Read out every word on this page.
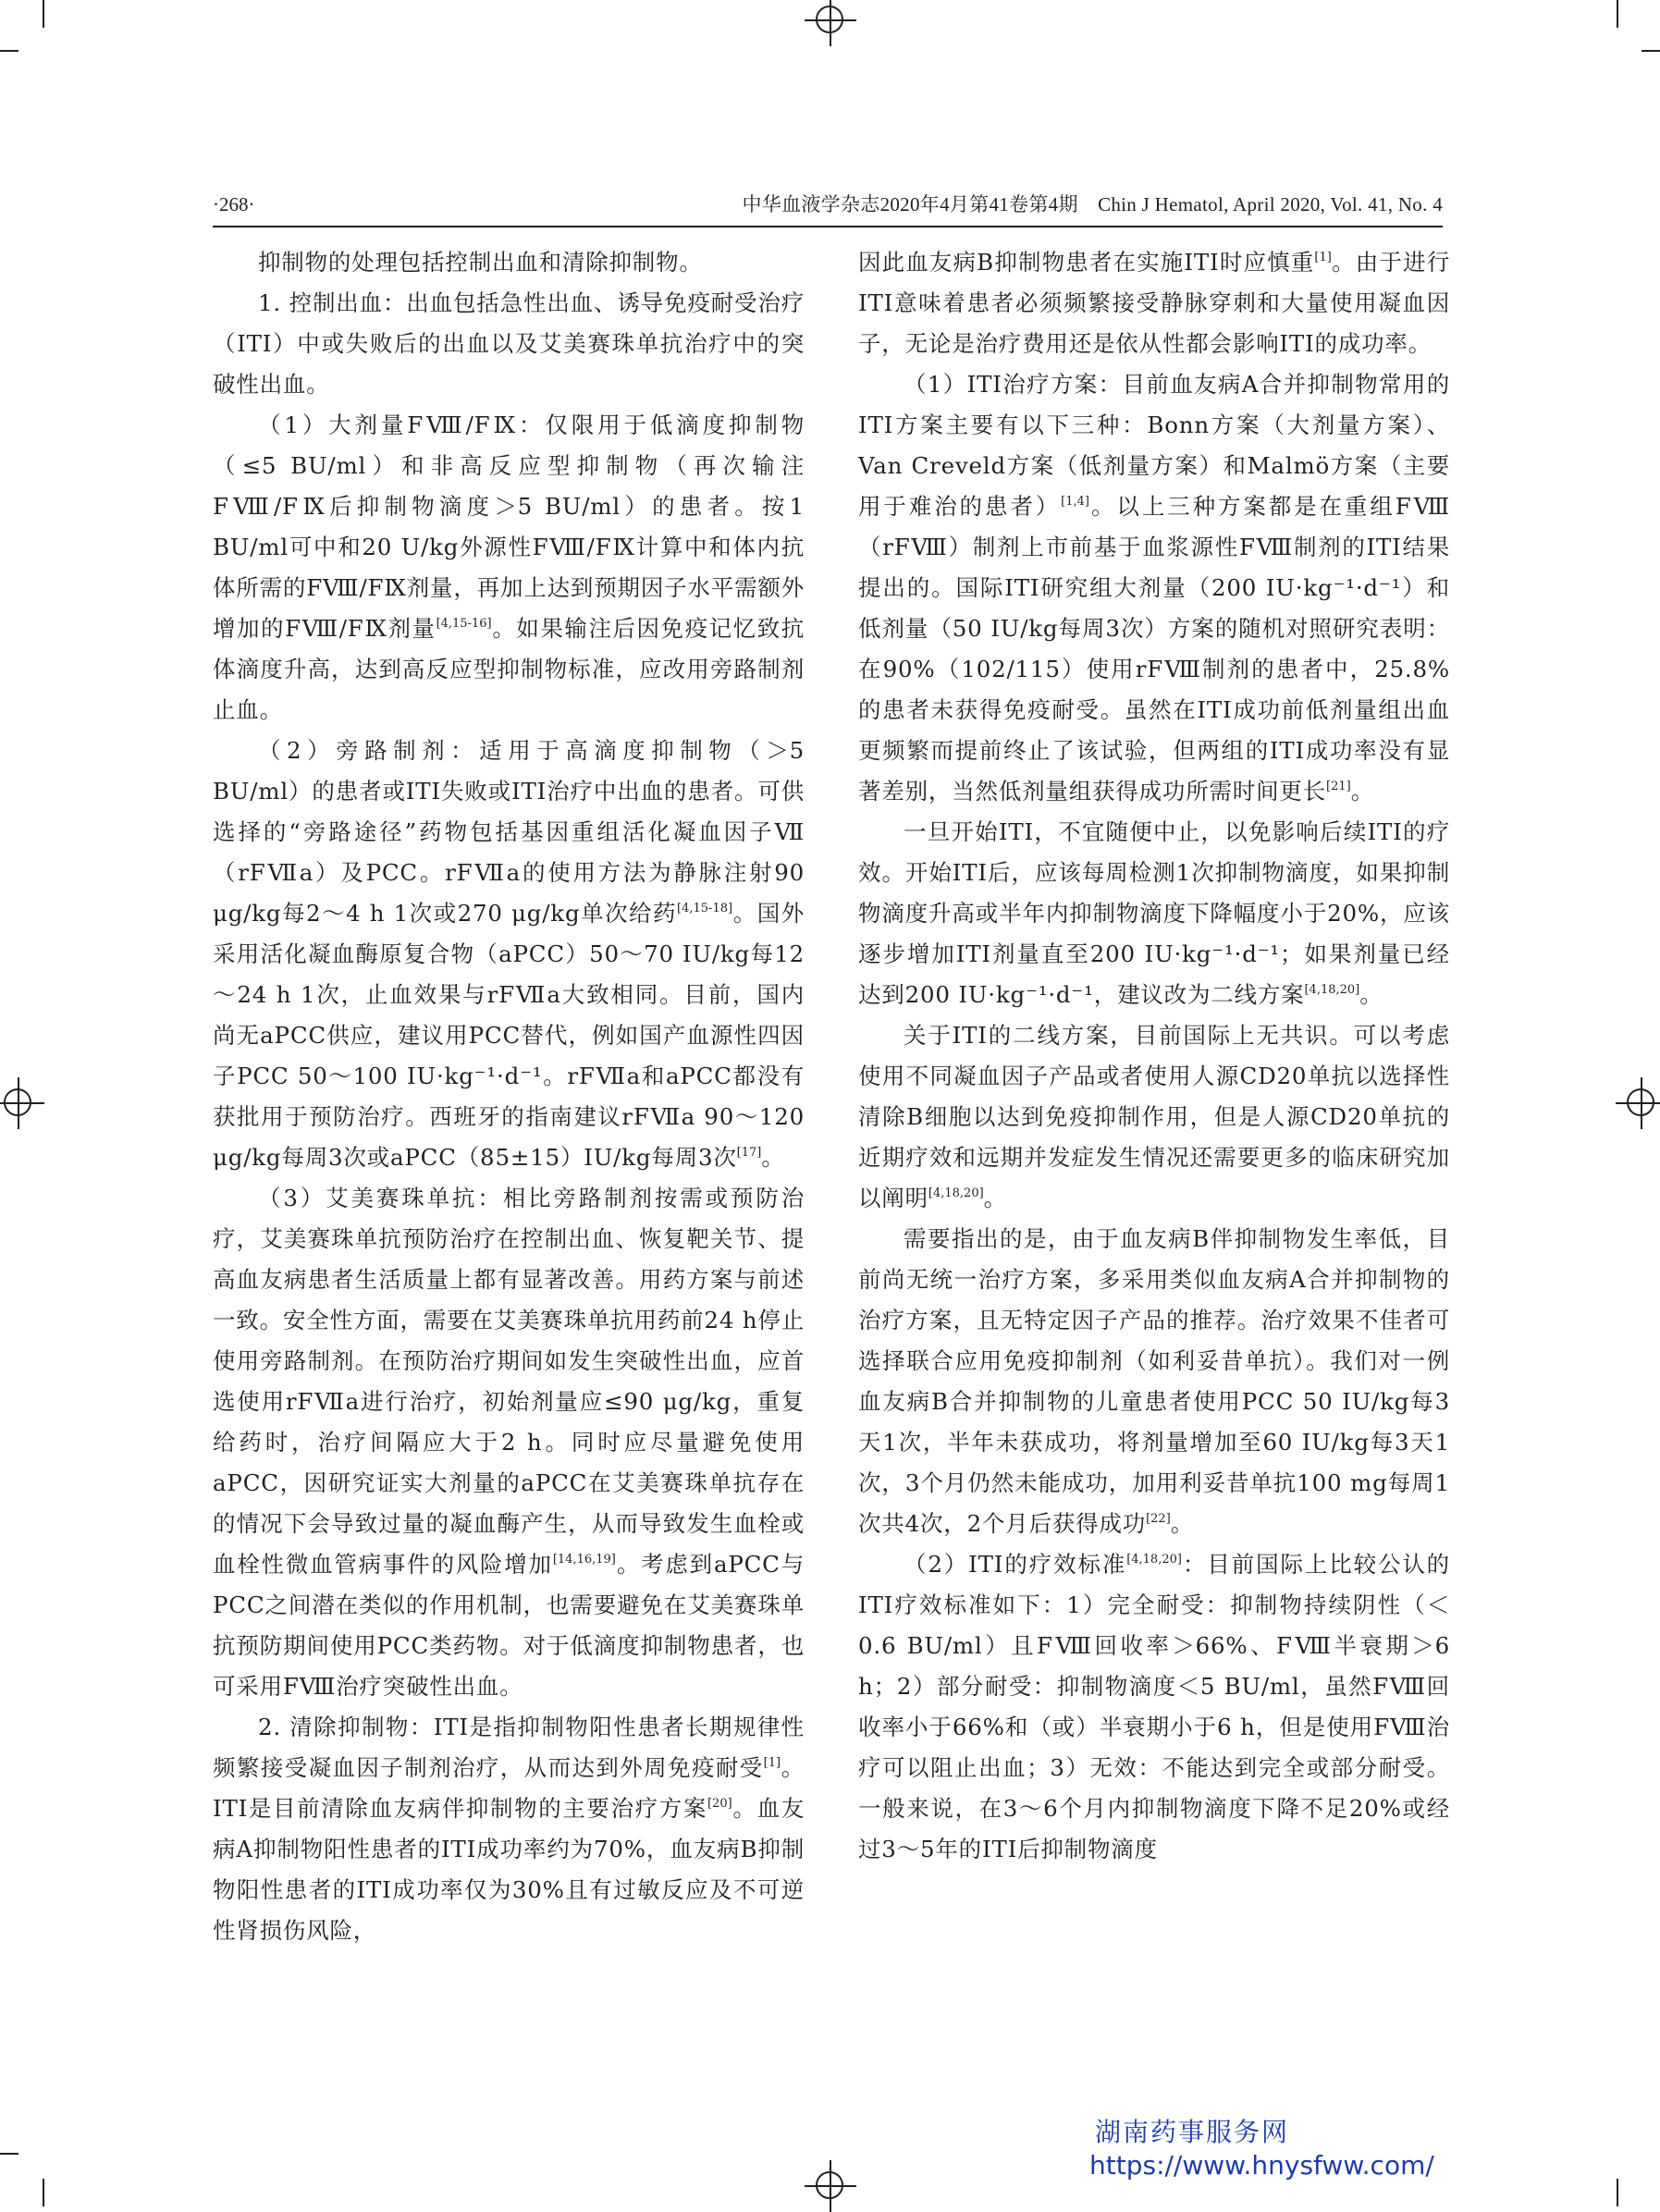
·268·	中华血液学杂志2020年4月第41卷第4期　Chin J Hematol, April 2020, Vol. 41, No. 4

抑制物的处理包括控制出血和清除抑制物。

1. 控制出血：出血包括急性出血、诱导免疫耐受治疗（ITI）中或失败后的出血以及艾美赛珠单抗治疗中的突破性出血。

（1）大剂量FⅧ/FⅨ：仅限用于低滴度抑制物（≤5 BU/ml）和非高反应型抑制物（再次输注FⅧ/FⅨ后抑制物滴度＞5 BU/ml）的患者。按1 BU/ml可中和20 U/kg外源性FⅧ/FⅨ计算中和体内抗体所需的FⅧ/FⅨ剂量，再加上达到预期因子水平需额外增加的FⅧ/FⅨ剂量[4,15-16]。如果输注后因免疫记忆致抗体滴度升高，达到高反应型抑制物标准，应改用旁路制剂止血。

（2）旁路制剂：适用于高滴度抑制物（＞5 BU/ml）的患者或ITI失败或ITI治疗中出血的患者。可供选择的“旁路途径”药物包括基因重组活化凝血因子Ⅶ（rFⅦa）及PCC。rFⅦa的使用方法为静脉注射90 μg/kg每2～4 h 1次或270 μg/kg单次给药[4,15-18]。国外采用活化凝血酶原复合物（aPCC）50～70 IU/kg每12～24 h 1次，止血效果与rFⅦa大致相同。目前，国内尚无aPCC供应，建议用PCC替代，例如国产血源性四因子PCC 50～100 IU·kg⁻¹·d⁻¹。rFⅦa和aPCC都没有获批用于预防治疗。西班牙的指南建议rFⅦa 90～120 μg/kg每周3次或aPCC（85±15）IU/kg每周3次[17]。

（3）艾美赛珠单抗：相比旁路制剂按需或预防治疗，艾美赛珠单抗预防治疗在控制出血、恢复靶关节、提高血友病患者生活质量上都有显著改善。用药方案与前述一致。安全性方面，需要在艾美赛珠单抗用药前24 h停止使用旁路制剂。在预防治疗期间如发生突破性出血，应首选使用rFⅦa进行治疗，初始剂量应≤90 μg/kg，重复给药时，治疗间隔应大于2 h。同时应尽量避免使用aPCC，因研究证实大剂量的aPCC在艾美赛珠单抗存在的情况下会导致过量的凝血酶产生，从而导致发生血栓或血栓性微血管病事件的风险增加[14,16,19]。考虑到aPCC与PCC之间潜在类似的作用机制，也需要避免在艾美赛珠单抗预防期间使用PCC类药物。对于低滴度抑制物患者，也可采用FⅧ治疗突破性出血。

2. 清除抑制物：ITI是指抑制物阳性患者长期规律性频繁接受凝血因子制剂治疗，从而达到外周免疫耐受[1]。ITI是目前清除血友病伴抑制物的主要治疗方案[20]。血友病A抑制物阳性患者的ITI成功率约为70%，血友病B抑制物阳性患者的ITI成功率仅为30%且有过敏反应及不可逆性肾损伤风险，

因此血友病B抑制物患者在实施ITI时应慎重[1]。由于进行ITI意味着患者必须频繁接受静脉穿刺和大量使用凝血因子，无论是治疗费用还是依从性都会影响ITI的成功率。

（1）ITI治疗方案：目前血友病A合并抑制物常用的ITI方案主要有以下三种：Bonn方案（大剂量方案）、Van Creveld方案（低剂量方案）和Malmö方案（主要用于难治的患者）[1,4]。以上三种方案都是在重组FⅧ（rFⅧ）制剂上市前基于血浆源性FⅧ制剂的ITI结果提出的。国际ITI研究组大剂量（200 IU·kg⁻¹·d⁻¹）和低剂量（50 IU/kg每周3次）方案的随机对照研究表明：在90%（102/115）使用rFⅧ制剂的患者中，25.8%的患者未获得免疫耐受。虽然在ITI成功前低剂量组出血更频繁而提前终止了该试验，但两组的ITI成功率没有显著差别，当然低剂量组获得成功所需时间更长[21]。

一旦开始ITI，不宜随便中止，以免影响后续ITI的疗效。开始ITI后，应该每周检测1次抑制物滴度，如果抑制物滴度升高或半年内抑制物滴度下降幅度小于20%，应该逐步增加ITI剂量直至200 IU·kg⁻¹·d⁻¹；如果剂量已经达到200 IU·kg⁻¹·d⁻¹，建议改为二线方案[4,18,20]。

关于ITI的二线方案，目前国际上无共识。可以考虑使用不同凝血因子产品或者使用人源CD20单抗以选择性清除B细胞以达到免疫抑制作用，但是人源CD20单抗的近期疗效和远期并发症发生情况还需要更多的临床研究加以阐明[4,18,20]。

需要指出的是，由于血友病B伴抑制物发生率低，目前尚无统一治疗方案，多采用类似血友病A合并抑制物的治疗方案，且无特定因子产品的推荐。治疗效果不佳者可选择联合应用免疫抑制剂（如利妥昔单抗）。我们对一例血友病B合并抑制物的儿童患者使用PCC 50 IU/kg每3天1次，半年未获成功，将剂量增加至60 IU/kg每3天1次，3个月仍然未能成功，加用利妥昔单抗100 mg每周1次共4次，2个月后获得成功[22]。

（2）ITI的疗效标准[4,18,20]：目前国际上比较公认的ITI疗效标准如下：1）完全耐受：抑制物持续阴性（＜0.6 BU/ml）且FⅧ回收率＞66%、FⅧ半衰期＞6 h；2）部分耐受：抑制物滴度＜5 BU/ml，虽然FⅧ回收率小于66%和（或）半衰期小于6 h，但是使用FⅧ治疗可以阻止出血；3）无效：不能达到完全或部分耐受。一般来说，在3～6个月内抑制物滴度下降不足20%或经过3～5年的ITI后抑制物滴度

湖南药事服务网
https://www.hnysfww.com/
